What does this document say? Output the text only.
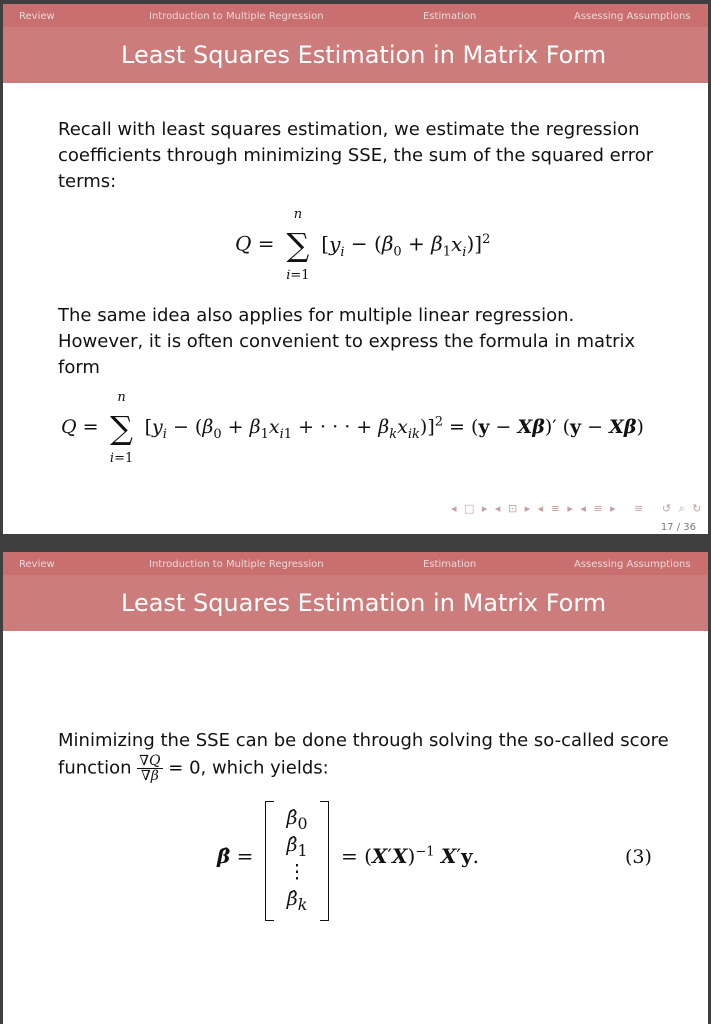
Review	Introduction to Multiple Regression	Estimation	Assessing Assumptions
Least Squares Estimation in Matrix Form
Recall with least squares estimation, we estimate the regression coefficients through minimizing SSE, the sum of the squared error terms:
Q =
n
∑
i=1
$[y_i - (\beta_0 + \beta_1x_i)]^2$
The same idea also applies for multiple linear regression. However, it is often convenient to express the formula in matrix form
Q =
n
∑
i=1
[$y_i - (\beta_0 + \beta_1x_{i1}$ + · · · + $\beta_kx_{ik})]^2 = (y - X\beta)'$ (y − Xβ)
◂ □ ▸ ◂ ⊡ ▸ ◂ ≡ ▸ ◂ ≡ ▸   ≡   ↺ ⌕ ↻
17 / 36
Review	Introduction to Multiple Regression	Estimation	Assessing Assumptions
Least Squares Estimation in Matrix Form
Minimizing the SSE can be done through solving the so-called score function $\frac{\nabla Q}{\nabla\beta} = 0$, which yields:
β̂ =
$\betâ_0$
$\betâ_1$
⋮
$\betâ_k$
= $(X'X)^{-1}$ X′y.	(3)
